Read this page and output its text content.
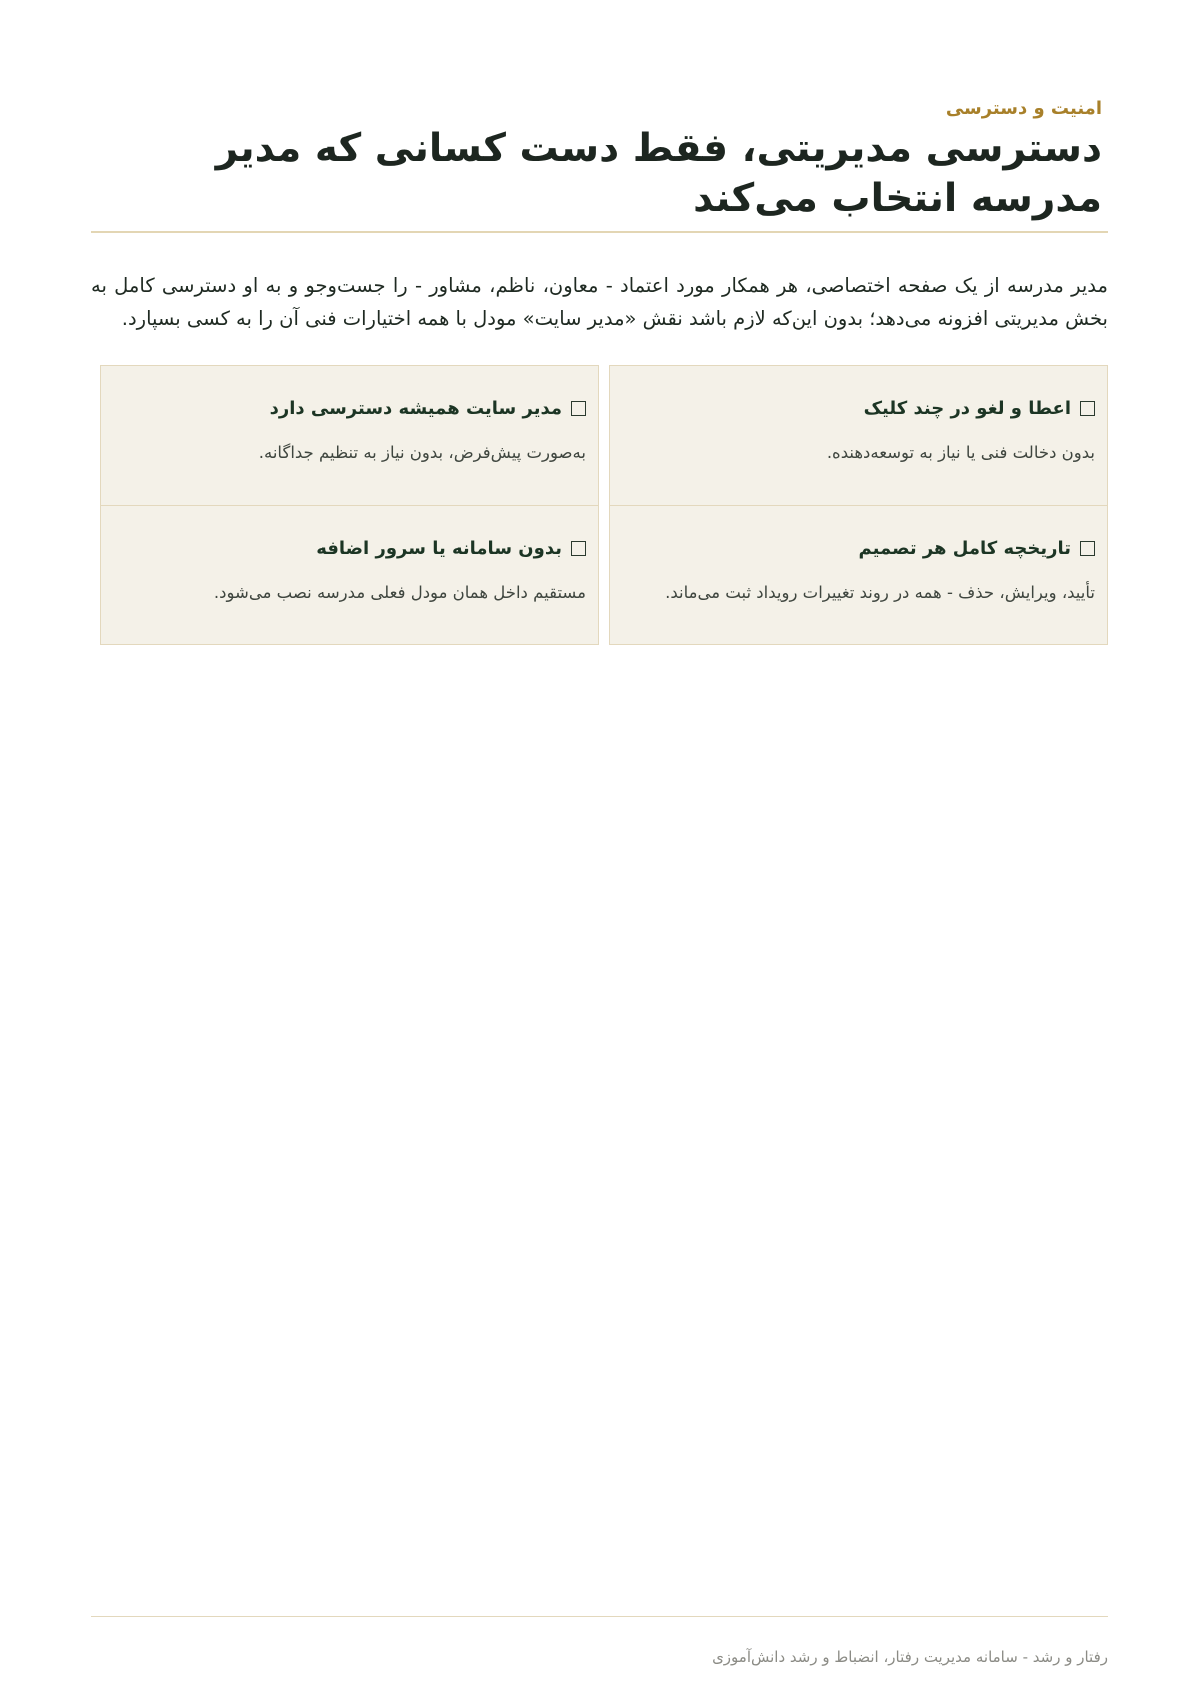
امنیت و دسترسی
دسترسی مدیریتی، فقط دست کسانی که مدیر مدرسه انتخاب می‌کند

مدیر مدرسه از یک صفحه اختصاصی، هر همکار مورد اعتماد - معاون، ناظم، مشاور - را جست‌وجو و به او دسترسی کامل به بخش مدیریتی افزونه می‌دهد؛ بدون این‌که لازم باشد نقش «مدیر سایت» مودل با همه اختیارات فنی آن را به کسی بسپارد.

اعطا و لغو در چند کلیک
بدون دخالت فنی یا نیاز به توسعه‌دهنده.
مدیر سایت همیشه دسترسی دارد
به‌صورت پیش‌فرض، بدون نیاز به تنظیم جداگانه.
تاریخچه کامل هر تصمیم
تأیید، ویرایش، حذف - همه در روند تغییرات رویداد ثبت می‌ماند.
بدون سامانه یا سرور اضافه
مستقیم داخل همان مودل فعلی مدرسه نصب می‌شود.
رفتار و رشد - سامانه مدیریت رفتار، انضباط و رشد دانش‌آموزی
